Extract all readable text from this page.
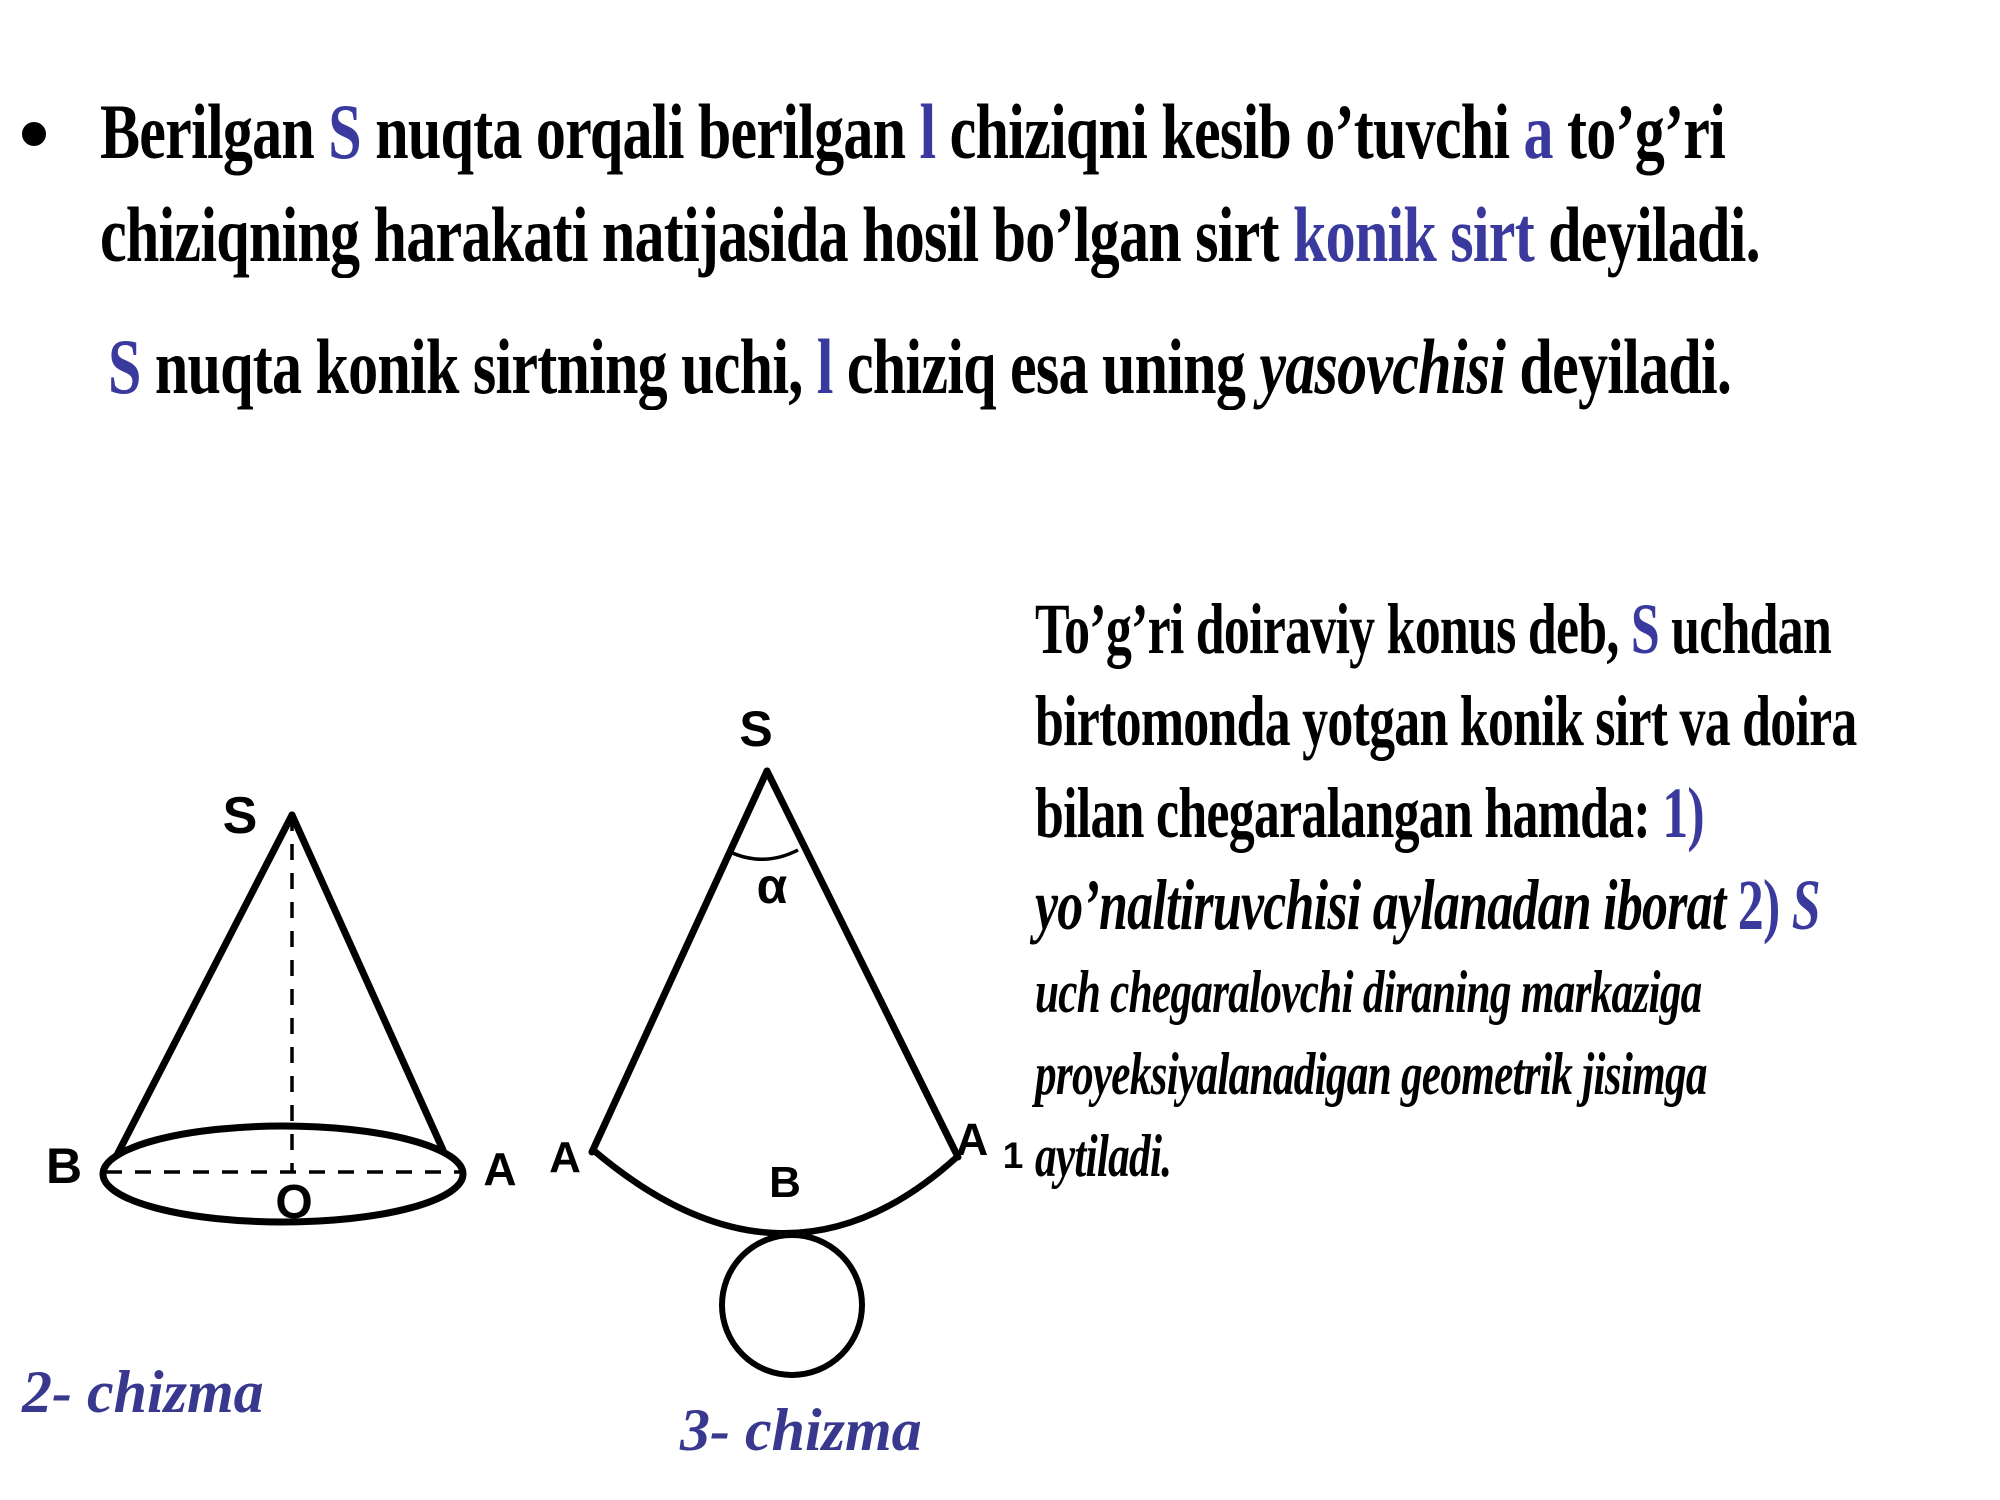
Berilgan S nuqta orqali berilgan l chiziqni kesib o’tuvchi a to’g’ri
chiziqning harakati natijasida hosil bo’lgan sirt konik sirt deyiladi.
S nuqta konik sirtning uchi, l chiziq esa uning yasovchisi deyiladi.
To’g’ri doiraviy konus deb, S uchdan
birtomonda yotgan konik sirt va doira
bilan chegaralangan hamda: 1)
yo’naltiruvchisi aylanadan iborat 2) S
uch chegaralovchi diraning markaziga
proyeksiyalanadigan geometrik jisimga
aytiladi.
S
B	A
O
S
α
A
B
A 1
2- chizma
3- chizma
